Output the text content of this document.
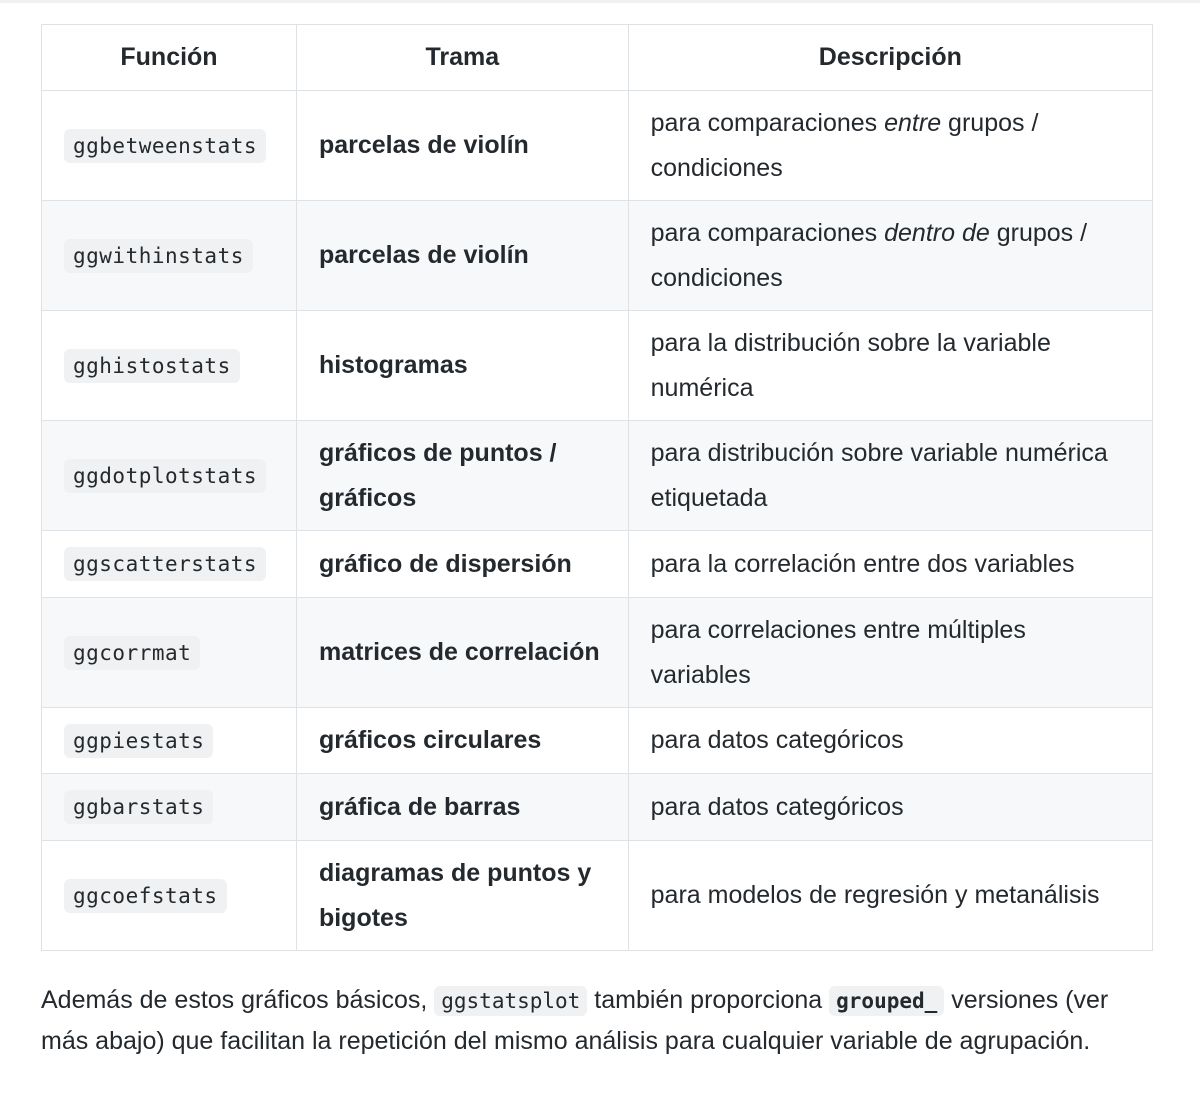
Función	Trama	Descripción
ggbetweenstats	parcelas de violín	para comparaciones entre grupos / condiciones
ggwithinstats	parcelas de violín	para comparaciones dentro de grupos / condiciones
gghistostats	histogramas	para la distribución sobre la variable numérica
ggdotplotstats	gráficos de puntos / gráficos	para distribución sobre variable numérica etiquetada
ggscatterstats	gráfico de dispersión	para la correlación entre dos variables
ggcorrmat	matrices de correlación	para correlaciones entre múltiples variables
ggpiestats	gráficos circulares	para datos categóricos
ggbarstats	gráfica de barras	para datos categóricos
ggcoefstats	diagramas de puntos y bigotes	para modelos de regresión y metanálisis

Además de estos gráficos básicos, ggstatsplot también proporciona grouped_ versiones (ver más abajo) que facilitan la repetición del mismo análisis para cualquier variable de agrupación.
